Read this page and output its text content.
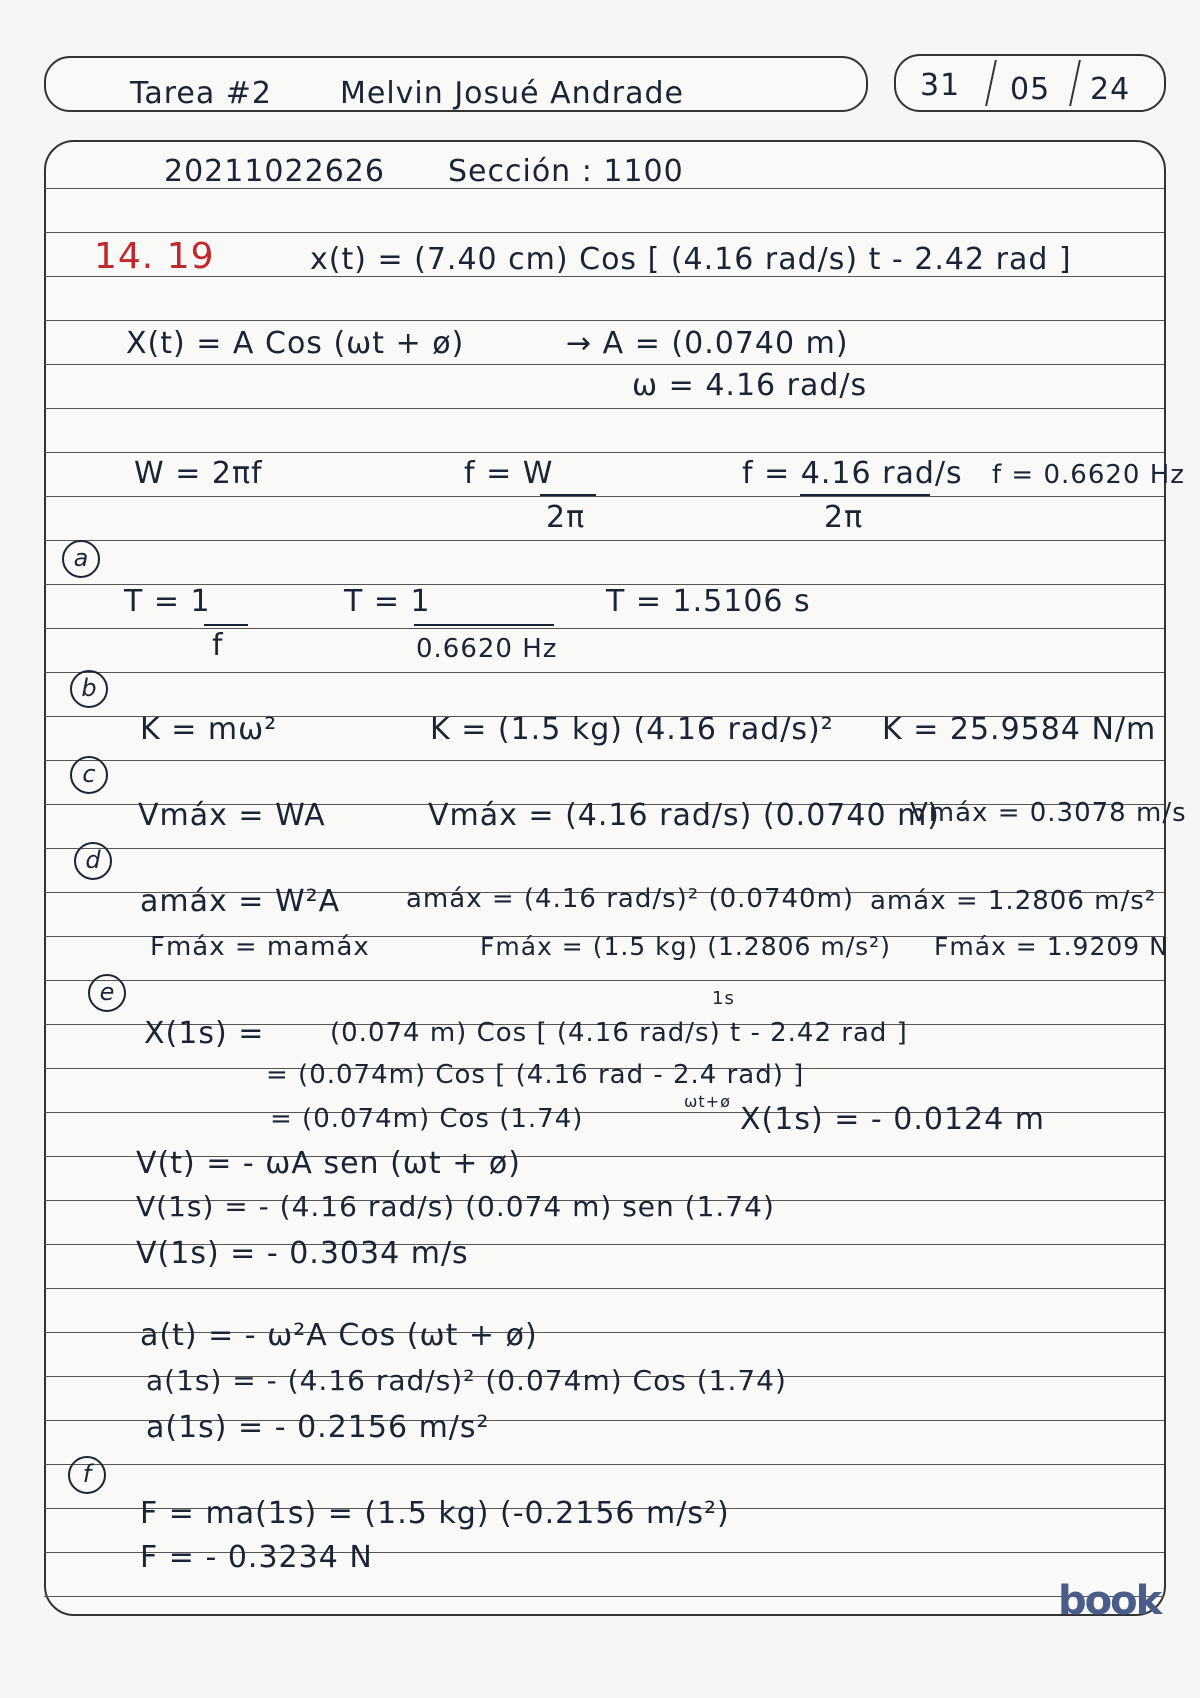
Tarea #2 Melvin Josué Andrade	31 05 24
20211022626 Sección : 1100
14. 19	x(t) = (7.40 cm) Cos [ (4.16 rad/s) t - 2.42 rad ]
X(t) = A Cos (ωt + ø)	→ A = (0.0740 m)
ω = 4.16 rad/s
W = 2πf	f = W
2π
f = 4.16 rad/s
2π
f = 0.6620 Hz
a
T = 1
f
T = 1
0.6620 Hz
T = 1.5106 s
b
K = mω²	K = (1.5 kg) (4.16 rad/s)² K = 25.9584 N/m
c
Vmáx = WA	Vmáx = (4.16 rad/s) (0.0740 m)
Vmáx = 0.3078 m/s
d
amáx = W²A	amáx = (4.16 rad/s)² (0.0740m) amáx = 1.2806 m/s²
Fmáx = mamáx	Fmáx = (1.5 kg) (1.2806 m/s²) Fmáx = 1.9209 N
e
X(1s) =	(0.074 m) Cos [ (4.16 rad/s) t - 2.42 rad ]
1s
= (0.074m) Cos [ (4.16 rad - 2.4 rad) ]
= (0.074m) Cos (1.74)
ωt+ø
X(1s) = - 0.0124 m
V(t) = - ωA sen (ωt + ø)
V(1s) = - (4.16 rad/s) (0.074 m) sen (1.74)
V(1s) = - 0.3034 m/s
a(t) = - ω²A Cos (ωt + ø)
a(1s) = - (4.16 rad/s)² (0.074m) Cos (1.74)
a(1s) = - 0.2156 m/s²
f
F = ma(1s) = (1.5 kg) (-0.2156 m/s²)
F = - 0.3234 N
book
